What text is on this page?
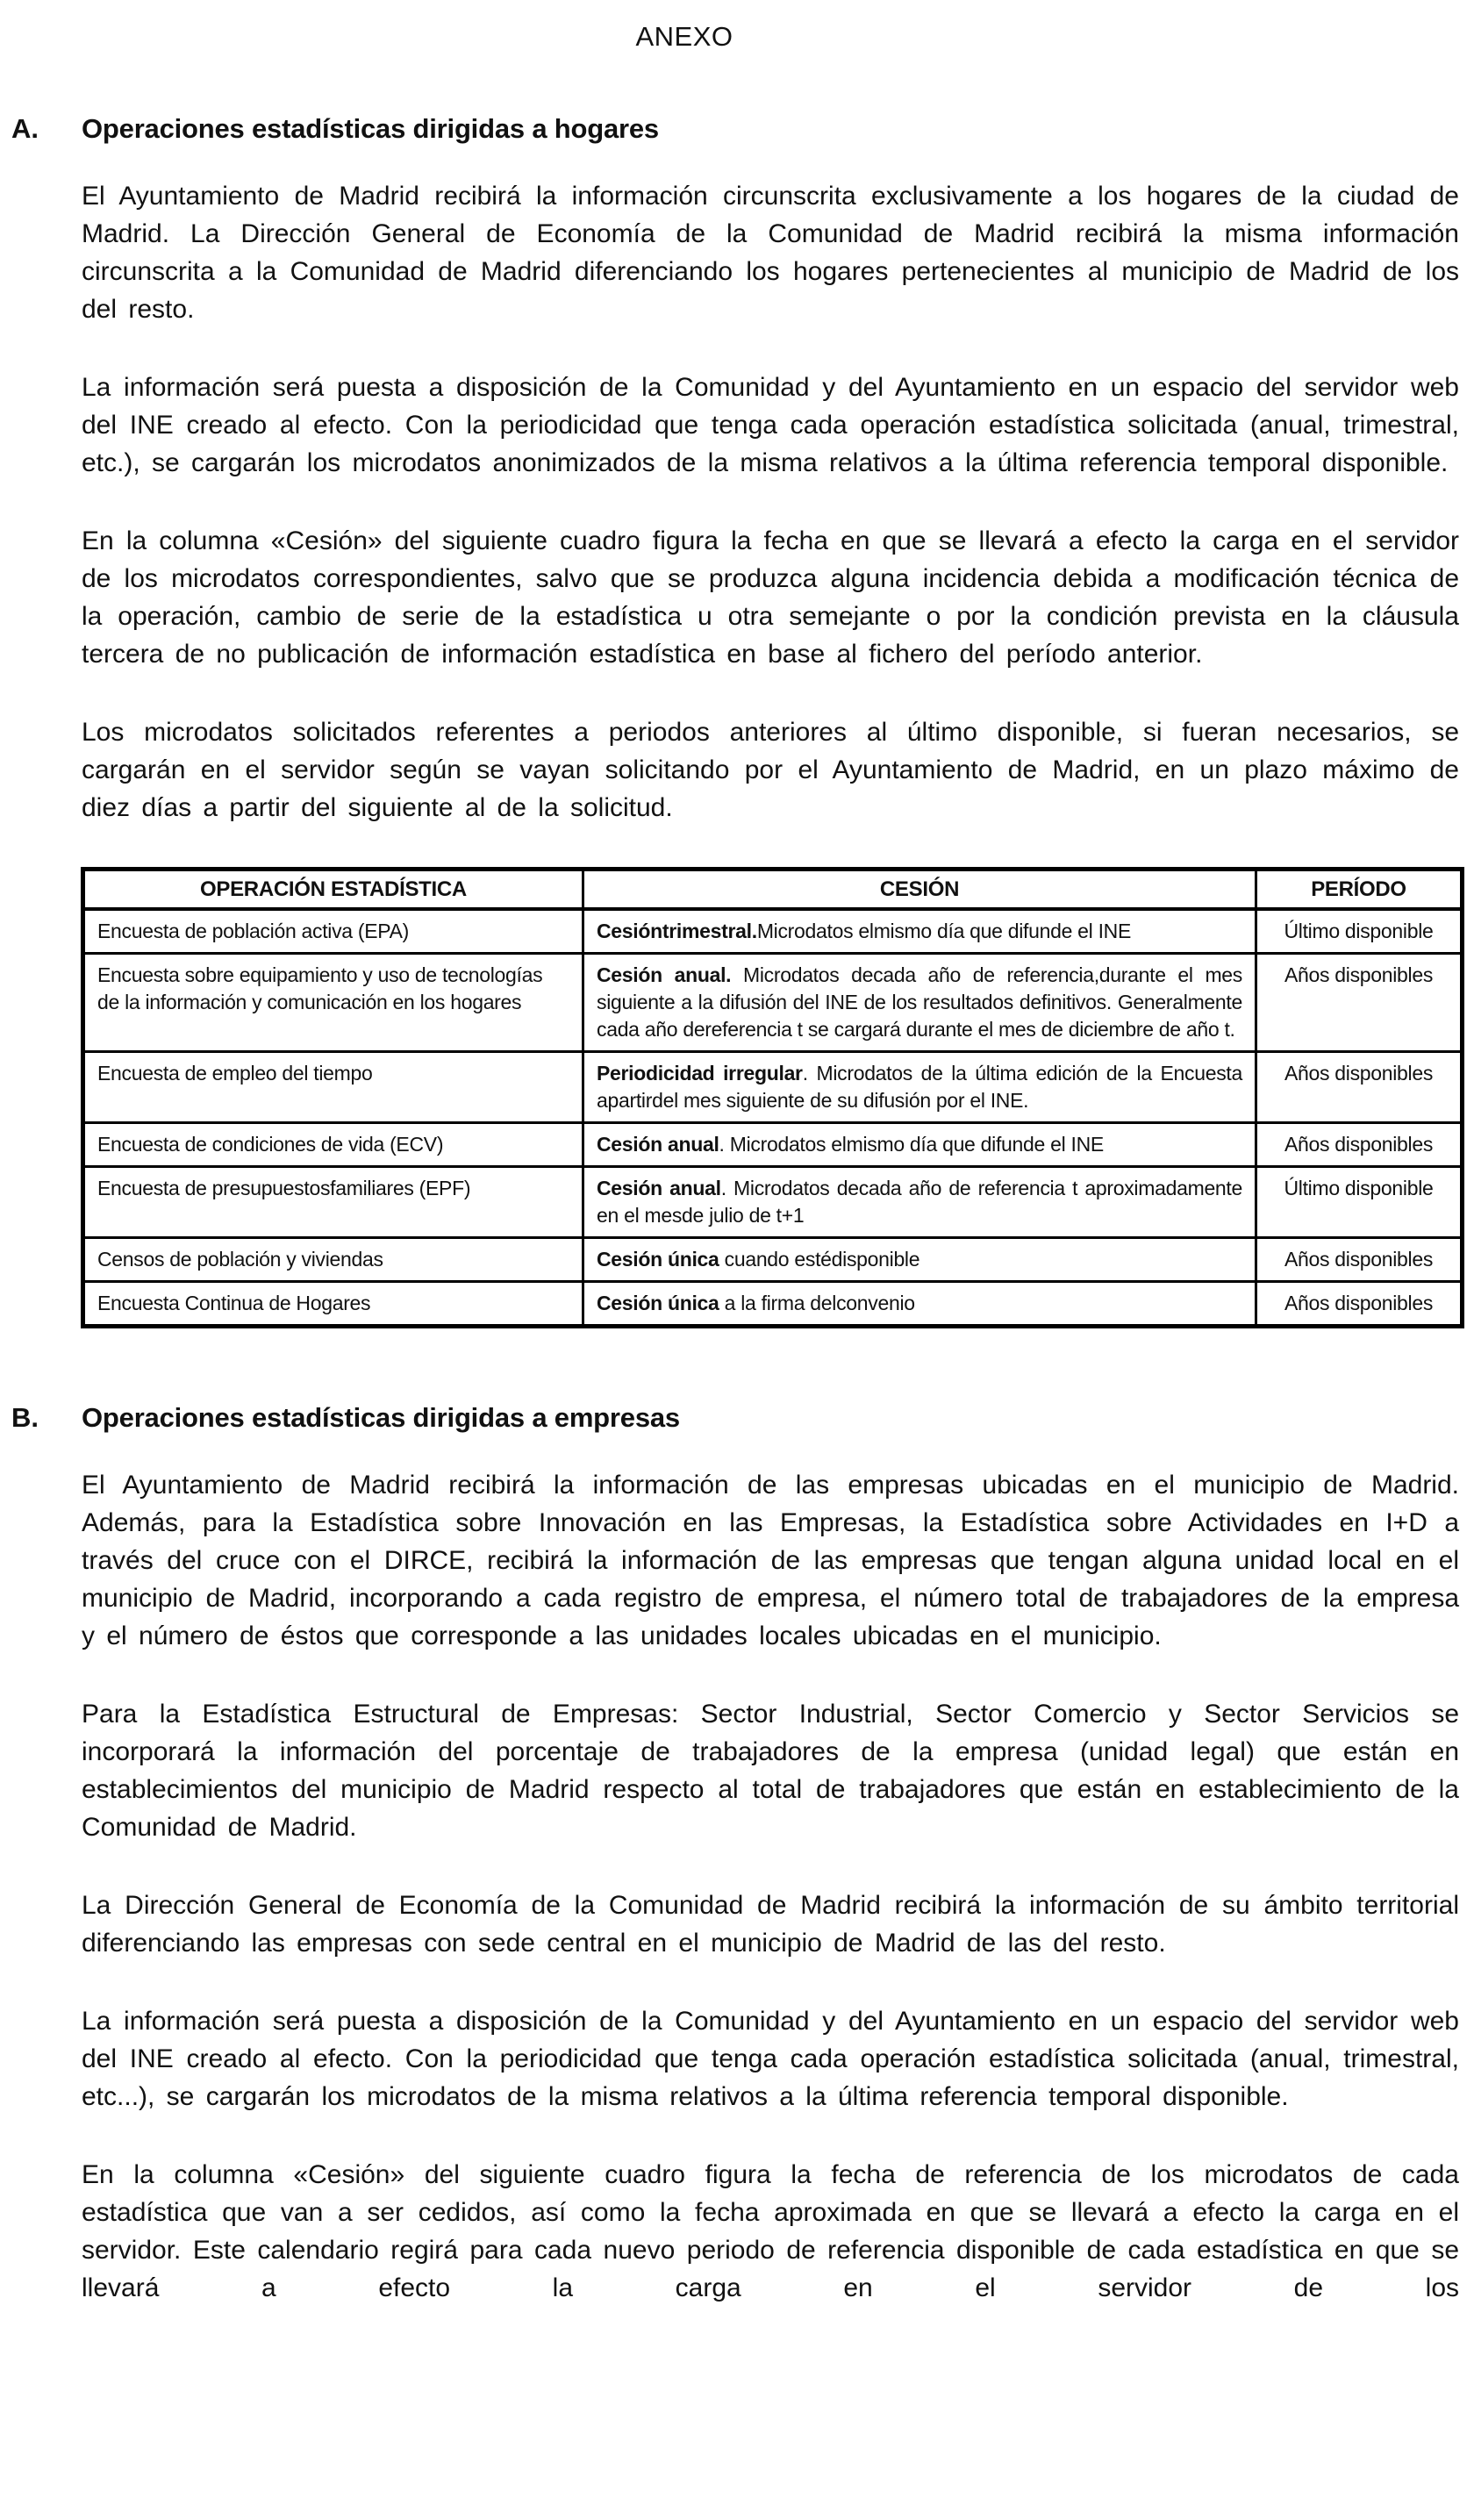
ANEXO
A. Operaciones estadísticas dirigidas a hogares

El Ayuntamiento de Madrid recibirá la información circunscrita exclusivamente a los hogares de la ciudad de Madrid. La Dirección General de Economía de la Comunidad de Madrid recibirá la misma información circunscrita a la Comunidad de Madrid diferenciando los hogares pertenecientes al municipio de Madrid de los del resto.

La información será puesta a disposición de la Comunidad y del Ayuntamiento en un espacio del servidor web del INE creado al efecto. Con la periodicidad que tenga cada operación estadística solicitada (anual, trimestral, etc.), se cargarán los microdatos anonimizados de la misma relativos a la última referencia temporal disponible.

En la columna «Cesión» del siguiente cuadro figura la fecha en que se llevará a efecto la carga en el servidor de los microdatos correspondientes, salvo que se produzca alguna incidencia debida a modificación técnica de la operación, cambio de serie de la estadística u otra semejante o por la condición prevista en la cláusula tercera de no publicación de información estadística en base al fichero del período anterior.

Los microdatos solicitados referentes a periodos anteriores al último disponible, si fueran necesarios, se cargarán en el servidor según se vayan solicitando por el Ayuntamiento de Madrid, en un plazo máximo de diez días a partir del siguiente al de la solicitud.

OPERACIÓN ESTADÍSTICA	CESIÓN	PERÍODO
Encuesta de población activa (EPA)	Cesióntrimestral.Microdatos elmismo día que difunde el INE	Último disponible
Encuesta sobre equipamiento y uso de tecnologías de la información y comunicación en los hogares	Cesión anual. Microdatos decada año de referencia,durante el mes siguiente a la difusión del INE de los resultados definitivos. Generalmente cada año dereferencia t se cargará durante el mes de diciembre de año t.	Años disponibles
Encuesta de empleo del tiempo	Periodicidad irregular. Microdatos de la última edición de la Encuesta apartirdel mes siguiente de su difusión por el INE.	Años disponibles
Encuesta de condiciones de vida (ECV)	Cesión anual. Microdatos elmismo día que difunde el INE	Años disponibles
Encuesta de presupuestosfamiliares (EPF)	Cesión anual. Microdatos decada año de referencia t aproximadamente en el mesde julio de t+1	Último disponible
Censos de población y viviendas	Cesión única cuando estédisponible	Años disponibles
Encuesta Continua de Hogares	Cesión única a la firma delconvenio	Años disponibles
B. Operaciones estadísticas dirigidas a empresas

El Ayuntamiento de Madrid recibirá la información de las empresas ubicadas en el municipio de Madrid. Además, para la Estadística sobre Innovación en las Empresas, la Estadística sobre Actividades en I+D a través del cruce con el DIRCE, recibirá la información de las empresas que tengan alguna unidad local en el municipio de Madrid, incorporando a cada registro de empresa, el número total de trabajadores de la empresa y el número de éstos que corresponde a las unidades locales ubicadas en el municipio.

Para la Estadística Estructural de Empresas: Sector Industrial, Sector Comercio y Sector Servicios se incorporará la información del porcentaje de trabajadores de la empresa (unidad legal) que están en establecimientos del municipio de Madrid respecto al total de trabajadores que están en establecimiento de la Comunidad de Madrid.

La Dirección General de Economía de la Comunidad de Madrid recibirá la información de su ámbito territorial diferenciando las empresas con sede central en el municipio de Madrid de las del resto.

La información será puesta a disposición de la Comunidad y del Ayuntamiento en un espacio del servidor web del INE creado al efecto. Con la periodicidad que tenga cada operación estadística solicitada (anual, trimestral, etc...), se cargarán los microdatos de la misma relativos a la última referencia temporal disponible.

En la columna «Cesión» del siguiente cuadro figura la fecha de referencia de los microdatos de cada estadística que van a ser cedidos, así como la fecha aproximada en que se llevará a efecto la carga en el servidor. Este calendario regirá para cada nuevo periodo de referencia disponible de cada estadística en que se llevará a efecto la carga en el servidor de los
